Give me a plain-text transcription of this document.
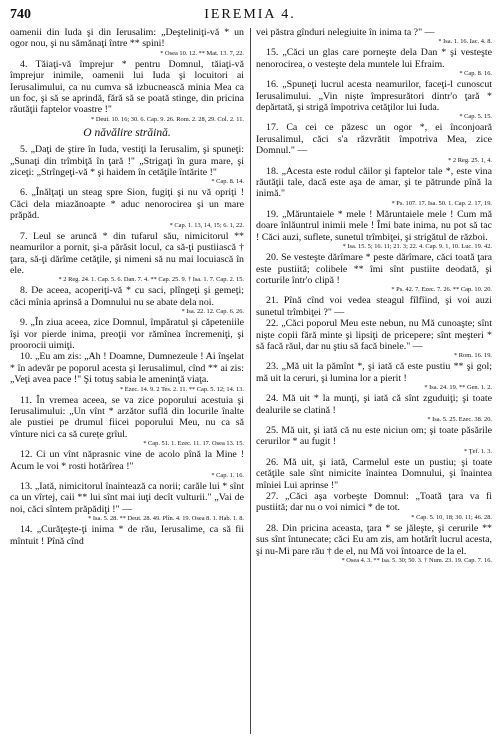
740	IEREMIA 4.

oamenii din Iuda şi din Ierusalim: „Deşteliniţi-vă * un ogor nou, şi nu sămănaţi între ** spini!

* Osea 10. 12. ** Mat. 13. 7, 22.

4. Tăiaţi-vă împrejur * pentru Domnul, tăiaţi-vă împrejur inimile, oamenii lui Iuda şi locuitori ai Ierusalimului, ca nu cumva să izbucnească minia Mea ca un foc, şi să se aprindă, fără să se poată stinge, din pricina răutăţii faptelor voastre !"

* Deut. 10. 16; 30. 6. Cap. 9. 26. Rom. 2. 28, 29. Col. 2. 11.

O năvălire străină.

5. „Daţi de ştire în Iuda, vestiţi la Ierusalim, şi spuneţi: „Sunaţi din trîmbiţă în ţară !" „Strigaţi în gura mare, şi ziceţi: „Strîngeţi-vă * şi haidem în cetăţile întărite !"

* Cap. 8. 14.

6. „Înălţaţi un steag spre Sion, fugiţi şi nu vă opriţi ! Căci dela miazănoapte * aduc nenorocirea şi un mare prăpăd.

* Cap. 1. 13, 14, 15; 6. 1, 22.

7. Leul se aruncă * din tufarul său, nimicitorul ** neamurilor a pornit, şi-a părăsit locul, ca să-ţi pustiiască † ţara, să-ţi dărîme cetăţile, şi nimeni să nu mai locuiască în ele.

* 2 Reg. 24. 1. Cap. 5. 6. Dan. 7. 4. ** Cap. 25. 9. † Isa. 1. 7. Cap. 2. 15.

8. De aceea, acoperiţi-vă * cu saci, plîngeţi şi gemeţi; căci mînia aprinsă a Domnului nu se abate dela noi.

* Isa. 22. 12. Cap. 6. 26.

9. „În ziua aceea, zice Domnul, împăratul şi căpeteniile îşi vor pierde inima, preoţii vor rămînea încremeniţi, şi proorocii uimiţi.

10. „Eu am zis: „Ah ! Doamne, Dumnezeule ! Ai înşelat * în adevăr pe poporul acesta şi Ierusalimul, cînd ** ai zis: „Veţi avea pace !" Şi totuş sabia le ameninţă viaţa.

* Ezec. 14. 9. 2 Tes. 2. 11. ** Cap. 5. 12; 14. 13.

11. În vremea aceea, se va zice poporului acestuia şi Ierusalimului: „Un vînt * arzător suflă din locurile înalte ale pustiei pe drumul fiicei poporului Meu, nu ca să vînture nici ca să curețe grîul.

* Cap. 51. 1. Ezec. 11. 17. Osea 13. 15.

12. Ci un vînt năprasnic vine de acolo pînă la Mine ! Acum le voi * rosti hotărîrea !"

* Cap. 1. 16.

13. „Iată, nimicitorul înaintează ca norii; carăle lui * sînt ca un vîrtej, caii ** lui sînt mai iuţi decît vulturii." „Vai de noi, căci sîntem prăpădiţi !" —

* Isa. 5. 28. ** Deut. 28. 49. Plîn. 4. 19. Osea 8. 1. Hab. 1. 8.

14. „Curăţeşte-ţi inima * de rău, Ierusalime, ca să fii mîntuit ! Pînă cînd

vei păstra gînduri nelegiuite în inima ta ?" —

* Isa. 1. 16. Iac. 4. 8.

15. „Căci un glas care porneşte dela Dan * şi vesteşte nenorocirea, o vesteşte dela muntele lui Efraim.

* Cap. 8. 16.

16. „Spuneţi lucrul acesta neamurilor, faceţi-l cunoscut Ierusalimului. „Vin niște împresurători dintr'o ţară * depărtată, şi strigă împotriva cetăţilor lui Iuda.

* Cap. 5. 15.

17. Ca cei ce păzesc un ogor *, ei înconjoară Ierusalimul, căci s'a răzvrătit împotriva Mea, zice Domnul." —

* 2 Reg. 25. 1, 4.

18. „Acesta este rodul căilor şi faptelor tale *, este vina răutăţii tale, dacă este aşa de amar, şi te pătrunde pînă la inimă."

* Ps. 107. 17. Isa. 50. 1. Cap. 2. 17, 19.

19. „Măruntaiele * mele ! Măruntaiele mele ! Cum mă doare înlăuntrul inimii mele ! Îmi bate inima, nu pot să tac ! Căci auzi, suflete, sunetul trîmbiţei, şi strigătul de război.

* Isa. 15. 5; 16. 11; 21. 3; 22. 4. Cap. 9. 1, 10. Luc. 19. 42.

20. Se vesteşte dărîmare * peste dărîmare, căci toată ţara este pustiită; colibele ** îmi sînt pustiite deodată, şi corturile într'o clipă !

* Ps. 42. 7. Ezec. 7. 26. ** Cap. 10. 20.

21. Pînă cînd voi vedea steagul fîlfîind, şi voi auzi sunetul trîmbiţei ?" —

22. „Căci poporul Meu este nebun, nu Mă cunoaşte; sînt niște copii fără minte şi lipsiţi de pricepere; sînt meşteri * să facă răul, dar nu ştiu să facă binele." —

* Rom. 16. 19.

23. „Mă uit la pămînt *, şi iată că este pustiu ** şi gol; mă uit la ceruri, şi lumina lor a pierit !

* Isa. 24. 19. ** Gen. 1. 2.

24. Mă uit * la munţi, şi iată că sînt zguduiţi; şi toate dealurile se clatină !

* Isa. 5. 25. Ezec. 38. 20.

25. Mă uit, şi iată că nu este niciun om; şi toate păsările cerurilor * au fugit !

* Ţef. 1. 3.

26. Mă uit, şi iată, Carmelul este un pustiu; şi toate cetăţile sale sînt nimicite înaintea Domnului, şi înaintea mîniei Lui aprinse !"

27. „Căci aşa vorbeşte Domnul: „Toată ţara va fi pustiită; dar nu o voi nimici * de tot.

* Cap. 5. 10, 18; 30. 11; 46. 28.

28. Din pricina aceasta, ţara * se jăleşte, şi cerurile ** sus sînt întunecate; căci Eu am zis, am hotărît lucrul acesta, şi nu-Mi pare rău † de el, nu Mă voi întoarce de la el.

* Osea 4. 3. ** Isa. 5. 30; 50. 3. † Num. 23. 19. Cap. 7. 16.
